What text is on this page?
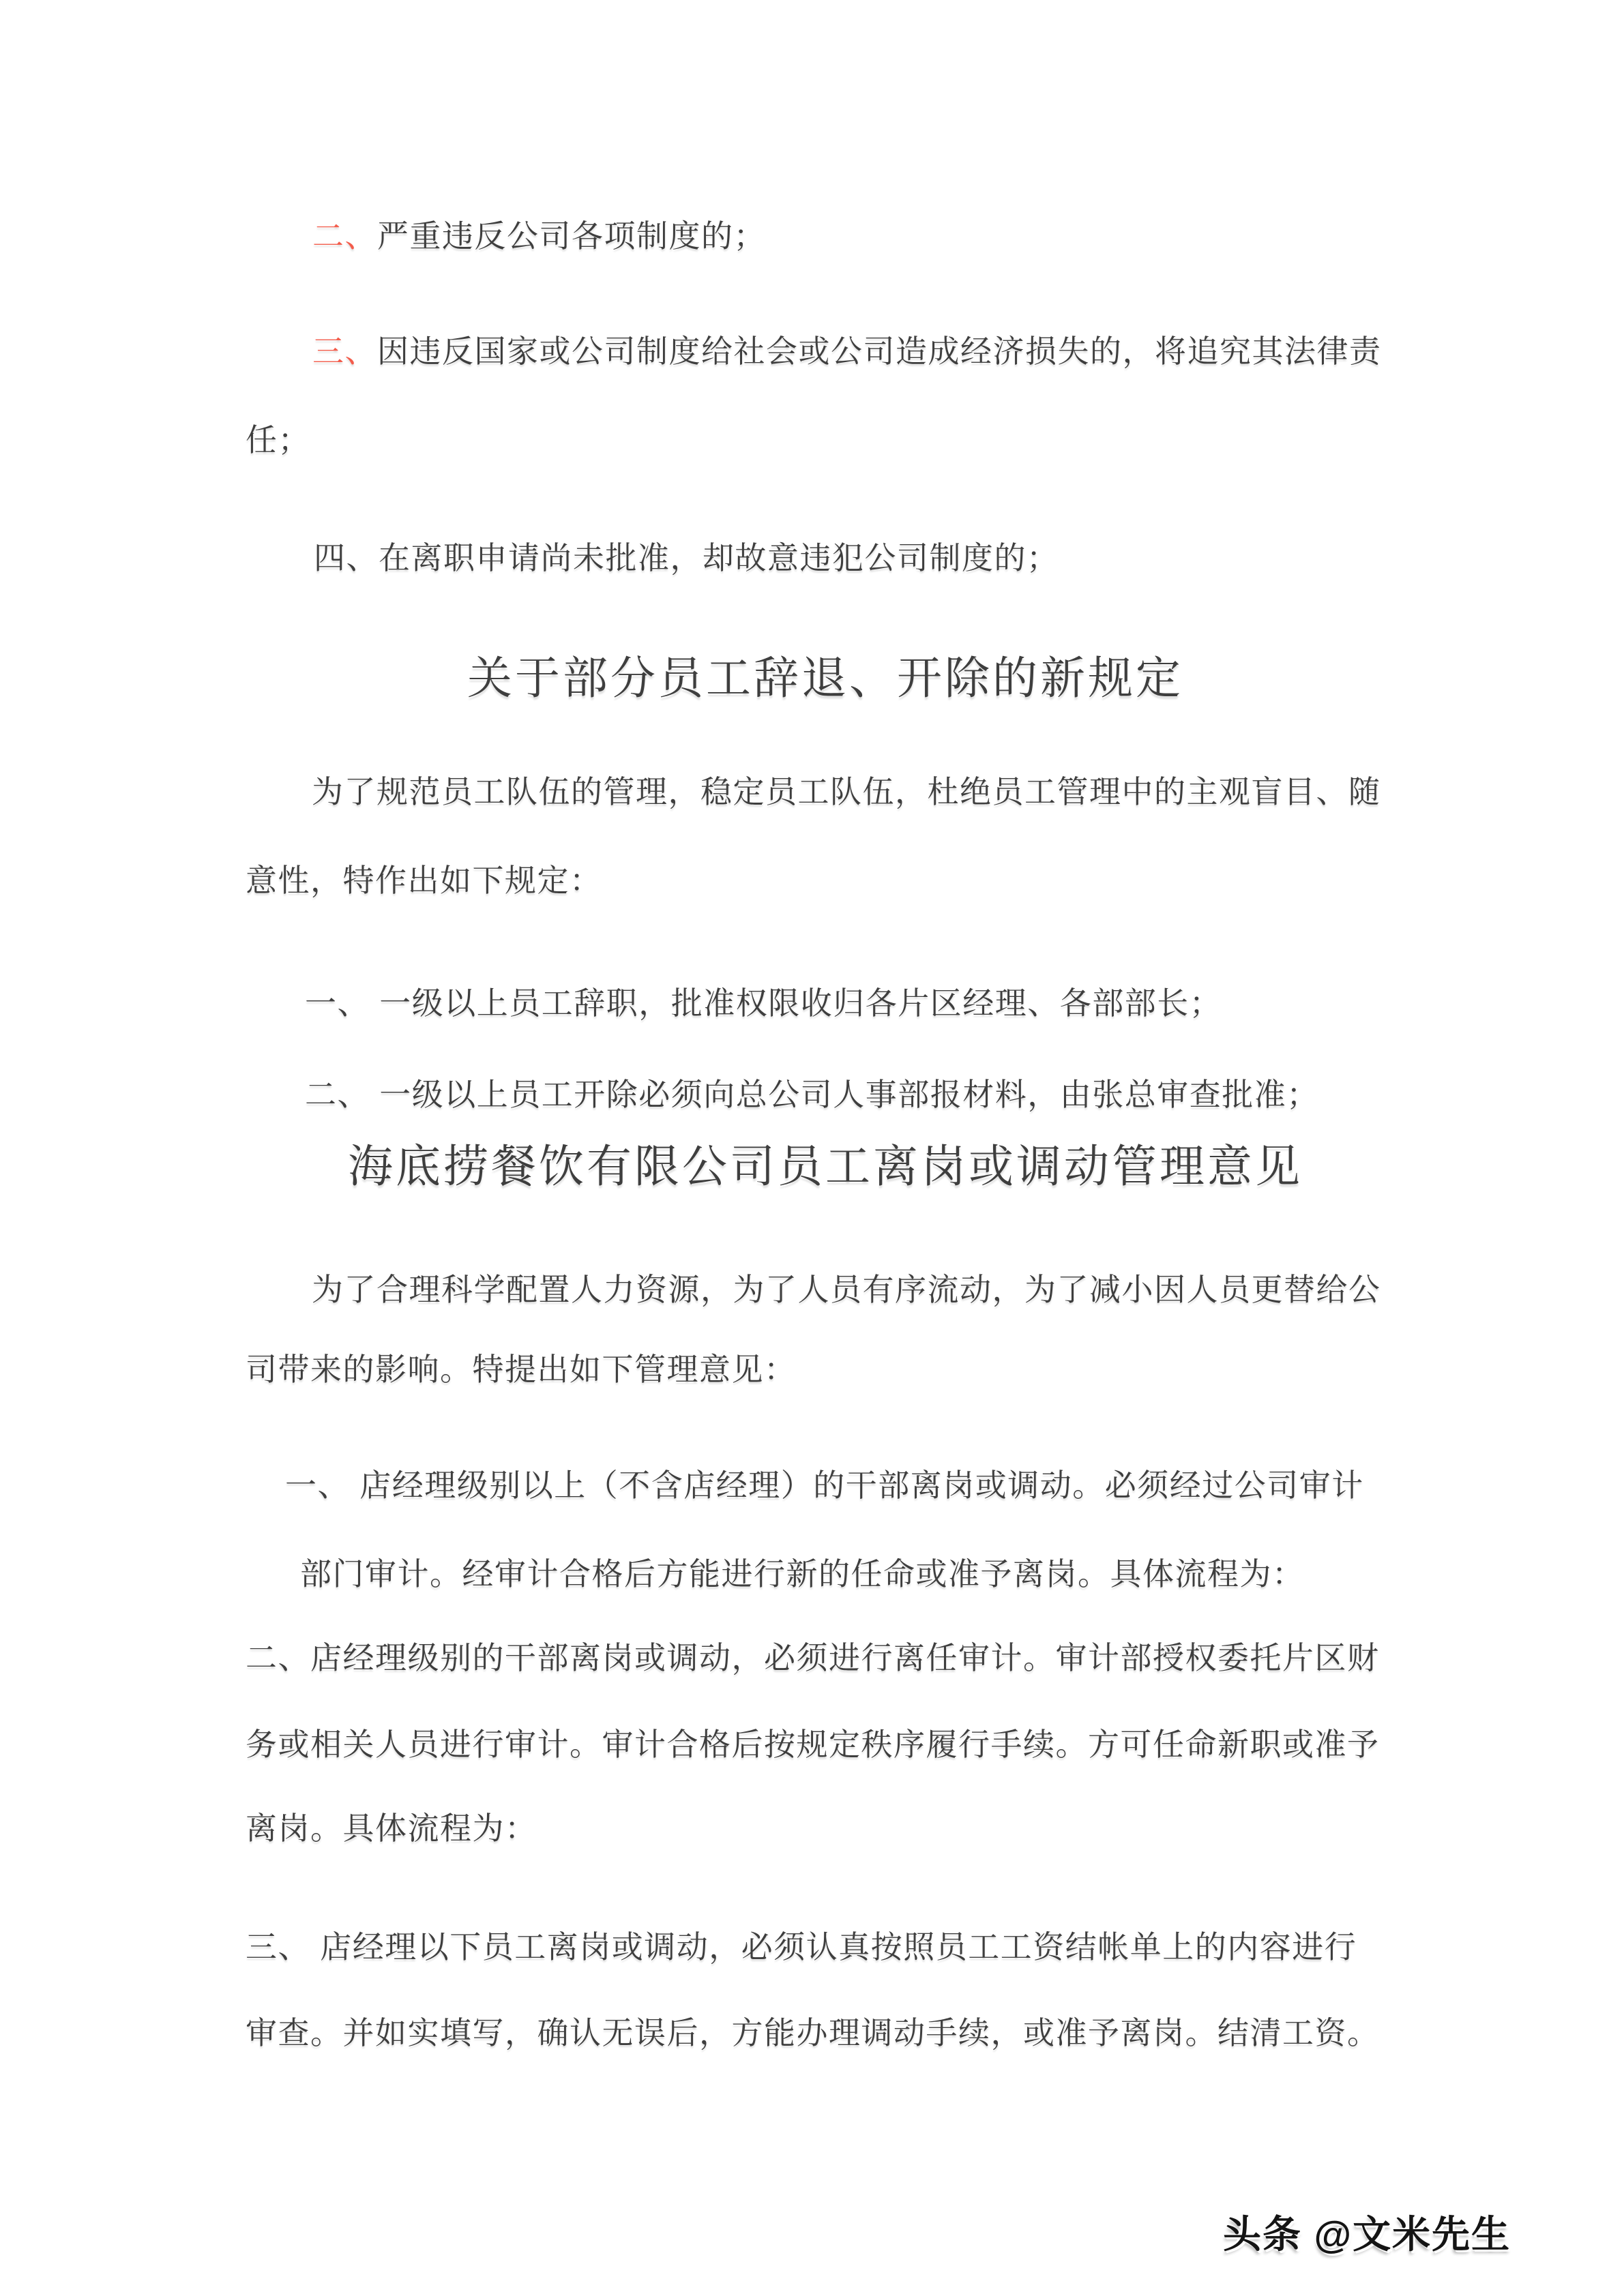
二、严重违反公司各项制度的；
三、因违反国家或公司制度给社会或公司造成经济损失的，将追究其法律责
任；
四、在离职申请尚未批准，却故意违犯公司制度的；
关于部分员工辞退、开除的新规定
为了规范员工队伍的管理，稳定员工队伍，杜绝员工管理中的主观盲目、随
意性，特作出如下规定：
一、 一级以上员工辞职，批准权限收归各片区经理、各部部长；
二、 一级以上员工开除必须向总公司人事部报材料，由张总审查批准；
海底捞餐饮有限公司员工离岗或调动管理意见
为了合理科学配置人力资源，为了人员有序流动，为了减小因人员更替给公
司带来的影响。特提出如下管理意见：
一、 店经理级别以上（不含店经理）的干部离岗或调动。必须经过公司审计
部门审计。经审计合格后方能进行新的任命或准予离岗。具体流程为：
二、店经理级别的干部离岗或调动，必须进行离任审计。审计部授权委托片区财
务或相关人员进行审计。审计合格后按规定秩序履行手续。方可任命新职或准予
离岗。具体流程为：
三、 店经理以下员工离岗或调动，必须认真按照员工工资结帐单上的内容进行
审查。并如实填写，确认无误后，方能办理调动手续，或准予离岗。结清工资。
头条 @文米先生
